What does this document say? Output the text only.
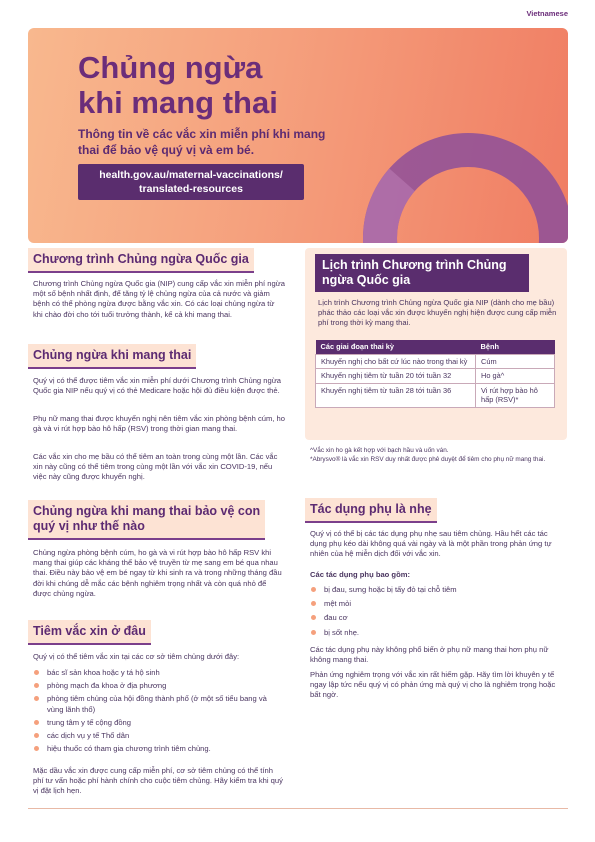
Vietnamese
Chủng ngừa
khi mang thai
Thông tin về các vắc xin miễn phí khi mang thai để bảo vệ quý vị và em bé.
health.gov.au/maternal-vaccinations/
translated-resources
Chương trình Chủng ngừa Quốc gia

Chương trình Chủng ngừa Quốc gia (NIP) cung cấp vắc xin miễn phí ngừa một số bệnh nhất định, để tăng tỷ lệ chủng ngừa của cả nước và giảm bệnh có thể phòng ngừa được bằng vắc xin. Có các loại chủng ngừa từ khi chào đời cho tới tuổi trưởng thành, kể cả khi mang thai.

Chủng ngừa khi mang thai

Quý vị có thể được tiêm vắc xin miễn phí dưới Chương trình Chủng ngừa Quốc gia NIP nếu quý vị có thẻ Medicare hoặc hội đủ điều kiện được thẻ.

Phụ nữ mang thai được khuyến nghị nên tiêm vắc xin phòng bệnh cúm, ho gà và vi rút hợp bào hô hấp (RSV) trong thời gian mang thai.

Các vắc xin cho mẹ bầu có thể tiêm an toàn trong cùng một lần. Các vắc xin này cũng có thể tiêm trong cùng một lần với vắc xin COVID-19, nếu việc này cũng được khuyến nghị.

Chủng ngừa khi mang thai bảo vệ con
quý vị như thế nào

Chủng ngừa phòng bệnh cúm, ho gà và vi rút hợp bào hô hấp RSV khi mang thai giúp các kháng thể bảo vệ truyền từ mẹ sang em bé qua nhau thai. Điều này bảo vệ em bé ngay từ khi sinh ra và trong những tháng đầu đời khi chúng dễ mắc các bệnh nghiêm trọng nhất và còn quá nhỏ để được chủng ngừa.

Tiêm vắc xin ở đâu

Quý vị có thể tiêm vắc xin tại các cơ sở tiêm chủng dưới đây:

bác sĩ sản khoa hoặc y tá hộ sinh
phòng mạch đa khoa ở địa phương
phòng tiêm chủng của hội đồng thành phố (ở một số tiểu bang và vùng lãnh thổ)
trung tâm y tế cộng đồng
các dịch vụ y tế Thổ dân
hiệu thuốc có tham gia chương trình tiêm chủng.

Mặc dầu vắc xin được cung cấp miễn phí, cơ sở tiêm chủng có thể tính phí tư vấn hoặc phí hành chính cho cuộc tiêm chủng. Hãy kiểm tra khi quý vị đặt lịch hẹn.

Lịch trình Chương trình Chủng
ngừa Quốc gia

Lịch trình Chương trình Chủng ngừa Quốc gia NIP (dành cho mẹ bầu) phác thảo các loại vắc xin được khuyến nghị hiện được cung cấp miễn phí trong thời kỳ mang thai.

Các giai đoạn thai kỳ	Bệnh
Khuyến nghị cho bất cứ lúc nào trong thai kỳ	Cúm
Khuyến nghị tiêm từ tuần 20 tới tuần 32	Ho gà^
Khuyến nghị tiêm từ tuần 28 tới tuần 36	Vi rút hợp bào hô hấp (RSV)*
^Vắc xin ho gà kết hợp với bạch hầu và uốn ván.
*Abrysvo® là vắc xin RSV duy nhất được phê duyệt để tiêm cho phụ nữ mang thai.
Tác dụng phụ là nhẹ

Quý vị có thể bị các tác dụng phụ nhẹ sau tiêm chủng. Hầu hết các tác dụng phụ kéo dài không quá vài ngày và là một phần trong phản ứng tự nhiên của hệ miễn dịch đối với vắc xin.

Các tác dụng phụ bao gồm:

bị đau, sưng hoặc bị tấy đỏ tại chỗ tiêm
mệt mỏi
đau cơ
bị sốt nhẹ.

Các tác dụng phụ này không phổ biến ở phụ nữ mang thai hơn phụ nữ không mang thai.

Phản ứng nghiêm trọng với vắc xin rất hiếm gặp. Hãy tìm lời khuyên y tế ngay lập tức nếu quý vị có phản ứng mà quý vị cho là nghiêm trọng hoặc bất ngờ.
